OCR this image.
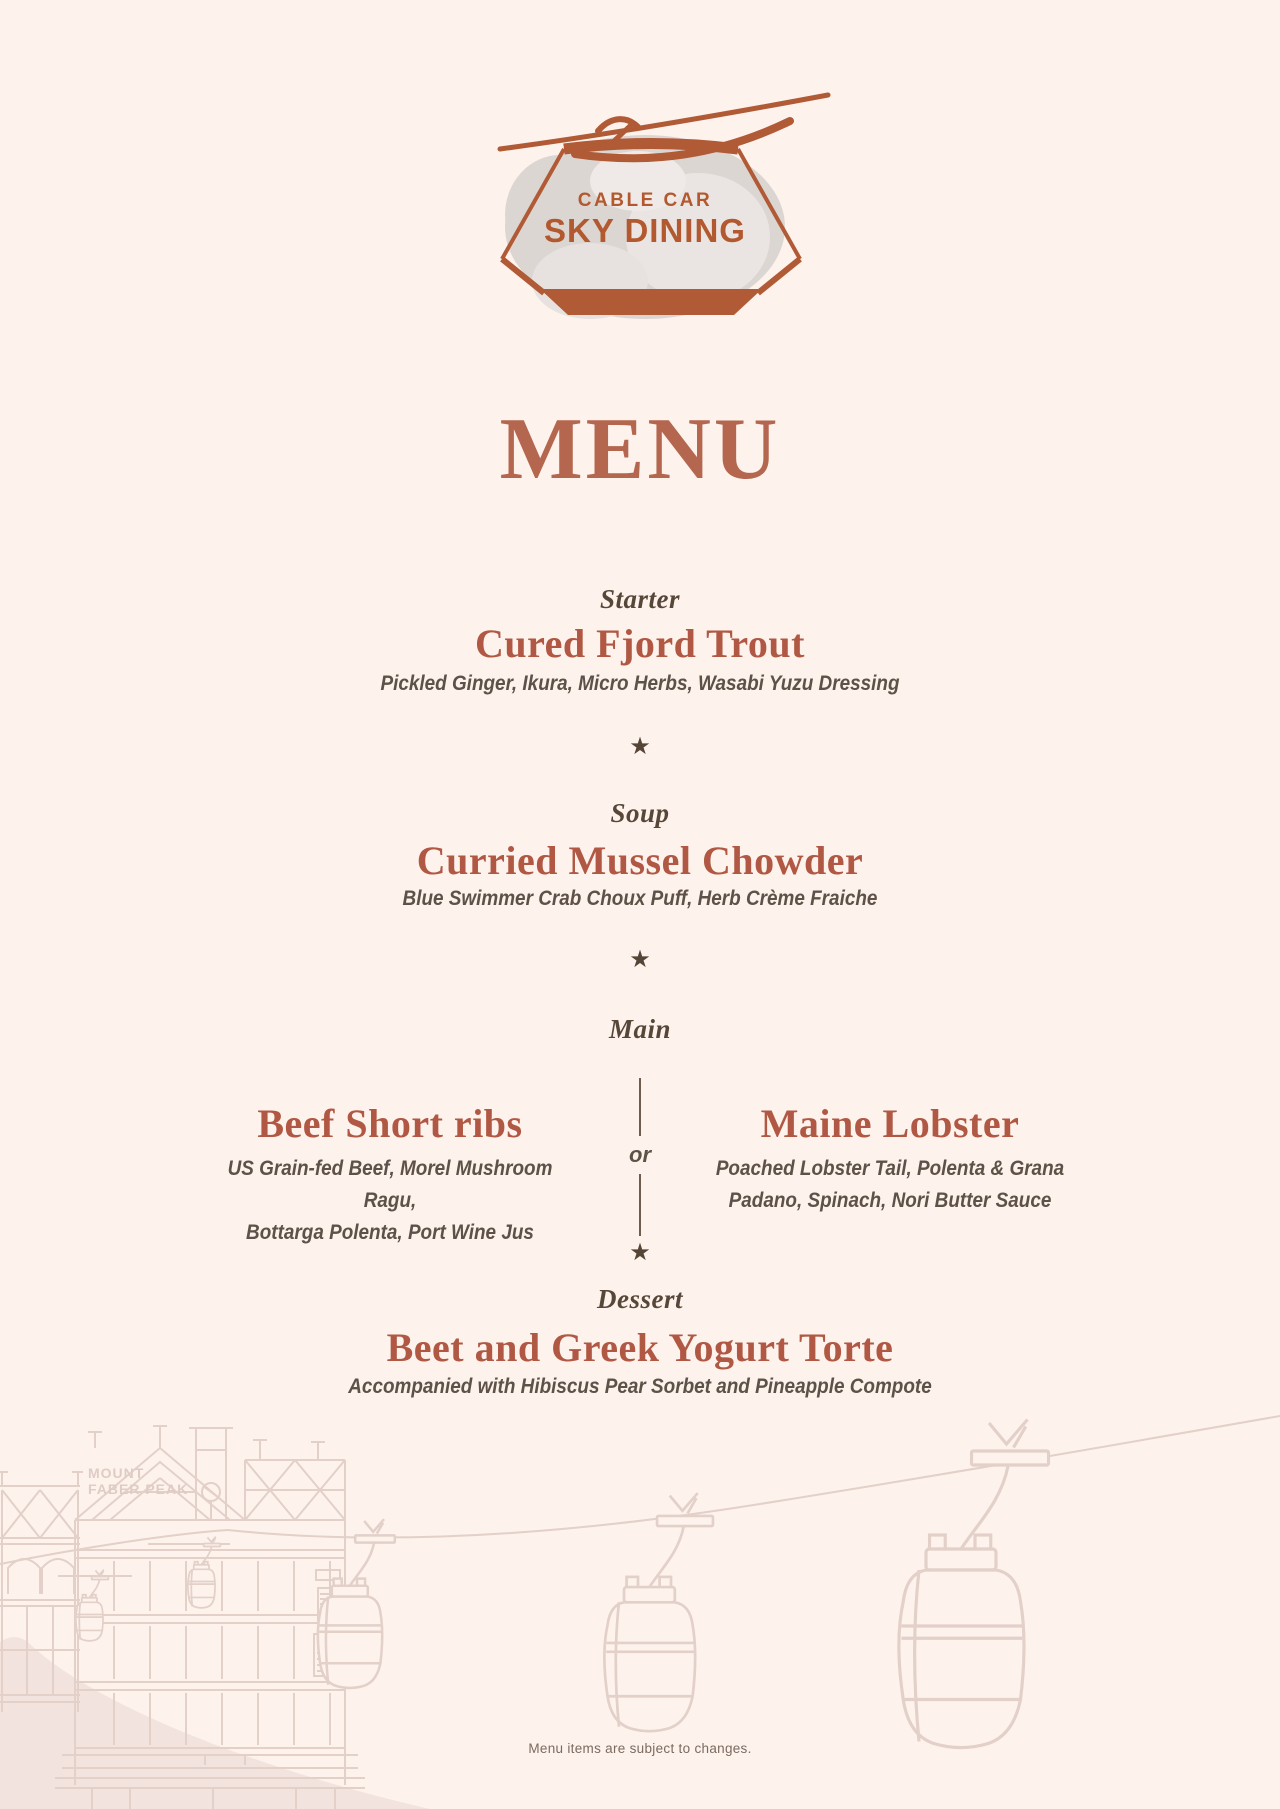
CABLE CAR
SKY DINING
MOUNT
FABER PEAK
MENU
Starter
Cured Fjord Trout
Pickled Ginger, Ikura, Micro Herbs, Wasabi Yuzu Dressing
★
Soup
Curried Mussel Chowder
Blue Swimmer Crab Choux Puff, Herb Crème Fraiche
★
Main
Beef Short ribs
US Grain-fed Beef, Morel Mushroom Ragu,
Bottarga Polenta, Port Wine Jus
or
Maine Lobster
Poached Lobster Tail, Polenta & Grana
Padano, Spinach, Nori Butter Sauce
★
Dessert
Beet and Greek Yogurt Torte
Accompanied with Hibiscus Pear Sorbet and Pineapple Compote
Menu items are subject to changes.
